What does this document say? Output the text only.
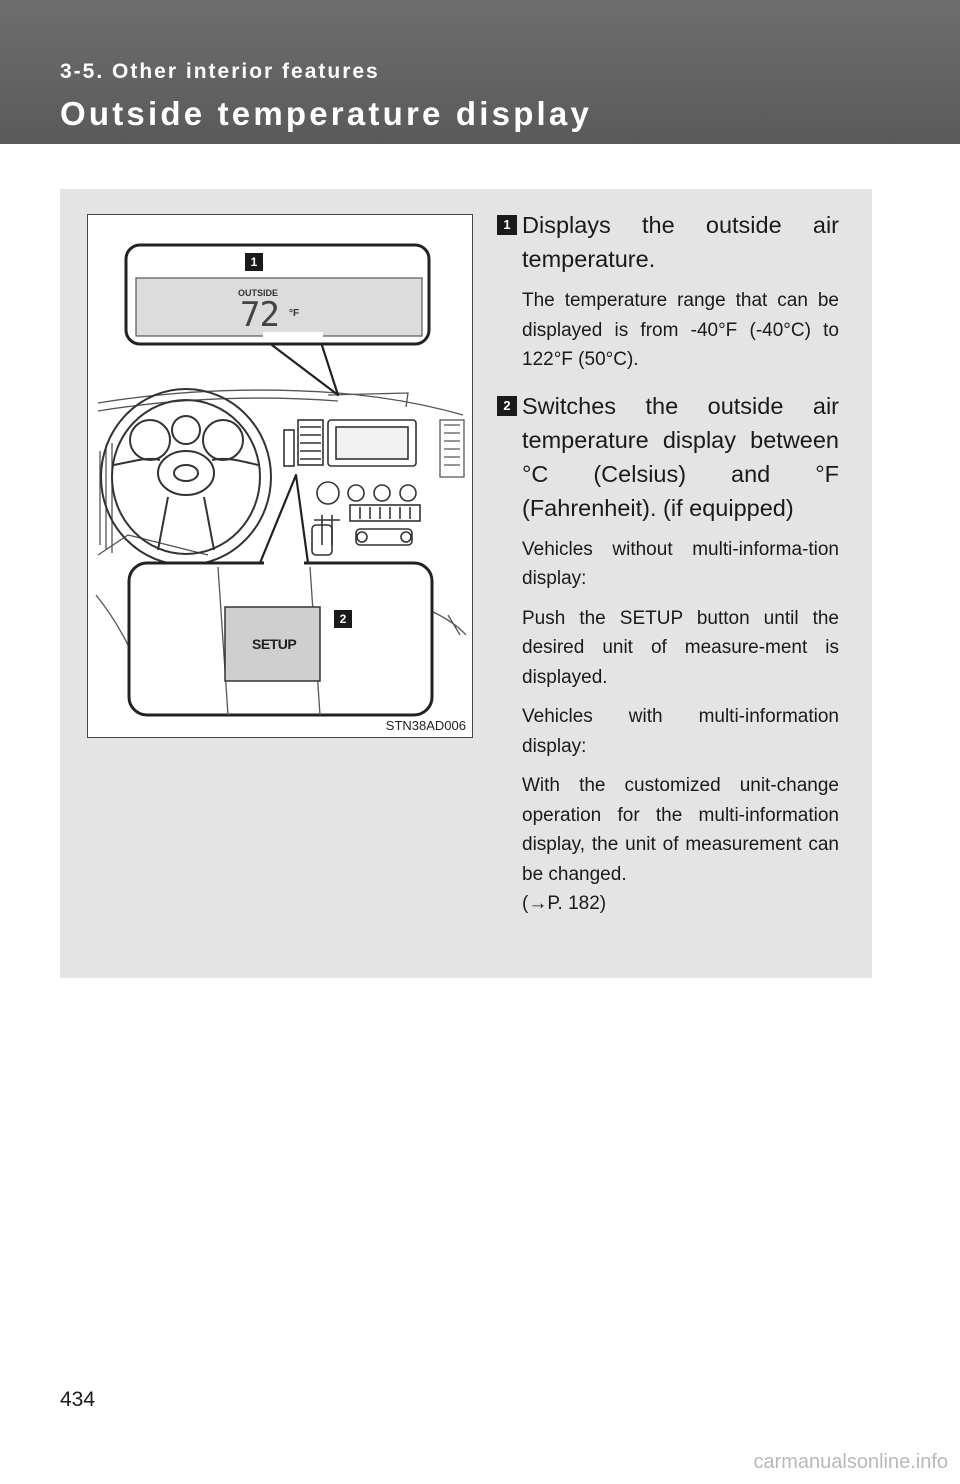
3-5. Other interior features
Outside temperature display
1
2
OUTSIDE
72 °F
SETUP
STN38AD006
1 Displays the outside air temperature.
The temperature range that can be displayed is from -40°F (-40°C) to 122°F (50°C).
2 Switches the outside air temperature display between °C (Celsius) and °F (Fahrenheit). (if equipped)
Vehicles without multi-informa-tion display:
Push the SETUP button until the desired unit of measure-ment is displayed.
Vehicles with multi-information display:
With the customized unit-change operation for the multi-information display, the unit of measurement can be changed.
(→P. 182)
434
carmanualsonline.info
